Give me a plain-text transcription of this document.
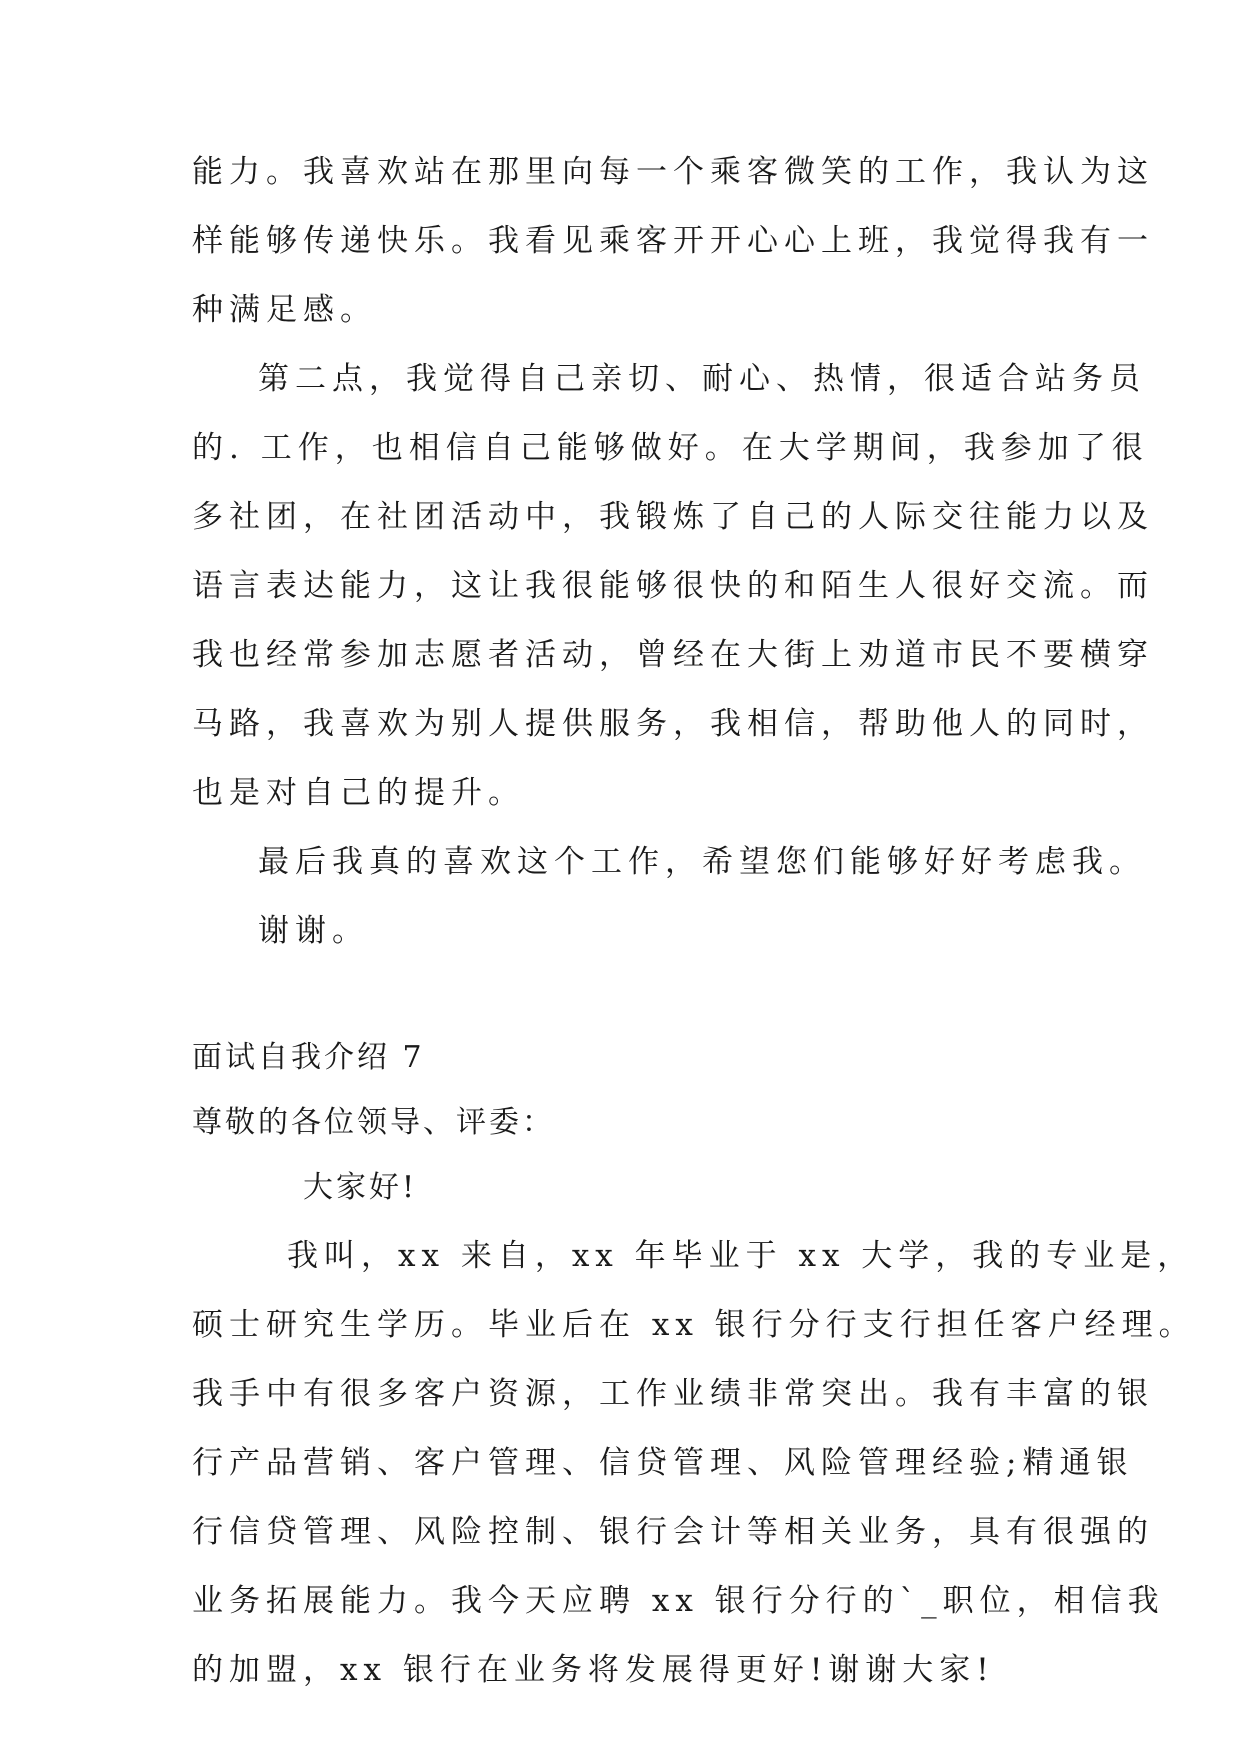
能力。我喜欢站在那里向每一个乘客微笑的工作，我认为这
样能够传递快乐。我看见乘客开开心心上班，我觉得我有一
种满足感。
第二点，我觉得自己亲切、耐心、热情，很适合站务员
的. 工作，也相信自己能够做好。在大学期间，我参加了很
多社团，在社团活动中，我锻炼了自己的人际交往能力以及
语言表达能力，这让我很能够很快的和陌生人很好交流。而
我也经常参加志愿者活动，曾经在大街上劝道市民不要横穿
马路，我喜欢为别人提供服务，我相信，帮助他人的同时，
也是对自己的提升。
最后我真的喜欢这个工作，希望您们能够好好考虑我。
谢谢。
面试自我介绍 7
尊敬的各位领导、评委：
大家好!
我叫，xx 来自，xx 年毕业于 xx 大学，我的专业是，
硕士研究生学历。毕业后在 xx 银行分行支行担任客户经理。
我手中有很多客户资源，工作业绩非常突出。我有丰富的银
行产品营销、客户管理、信贷管理、风险管理经验;精通银
行信贷管理、风险控制、银行会计等相关业务，具有很强的
业务拓展能力。我今天应聘 xx 银行分行的`_职位，相信我
的加盟，xx 银行在业务将发展得更好!谢谢大家!
